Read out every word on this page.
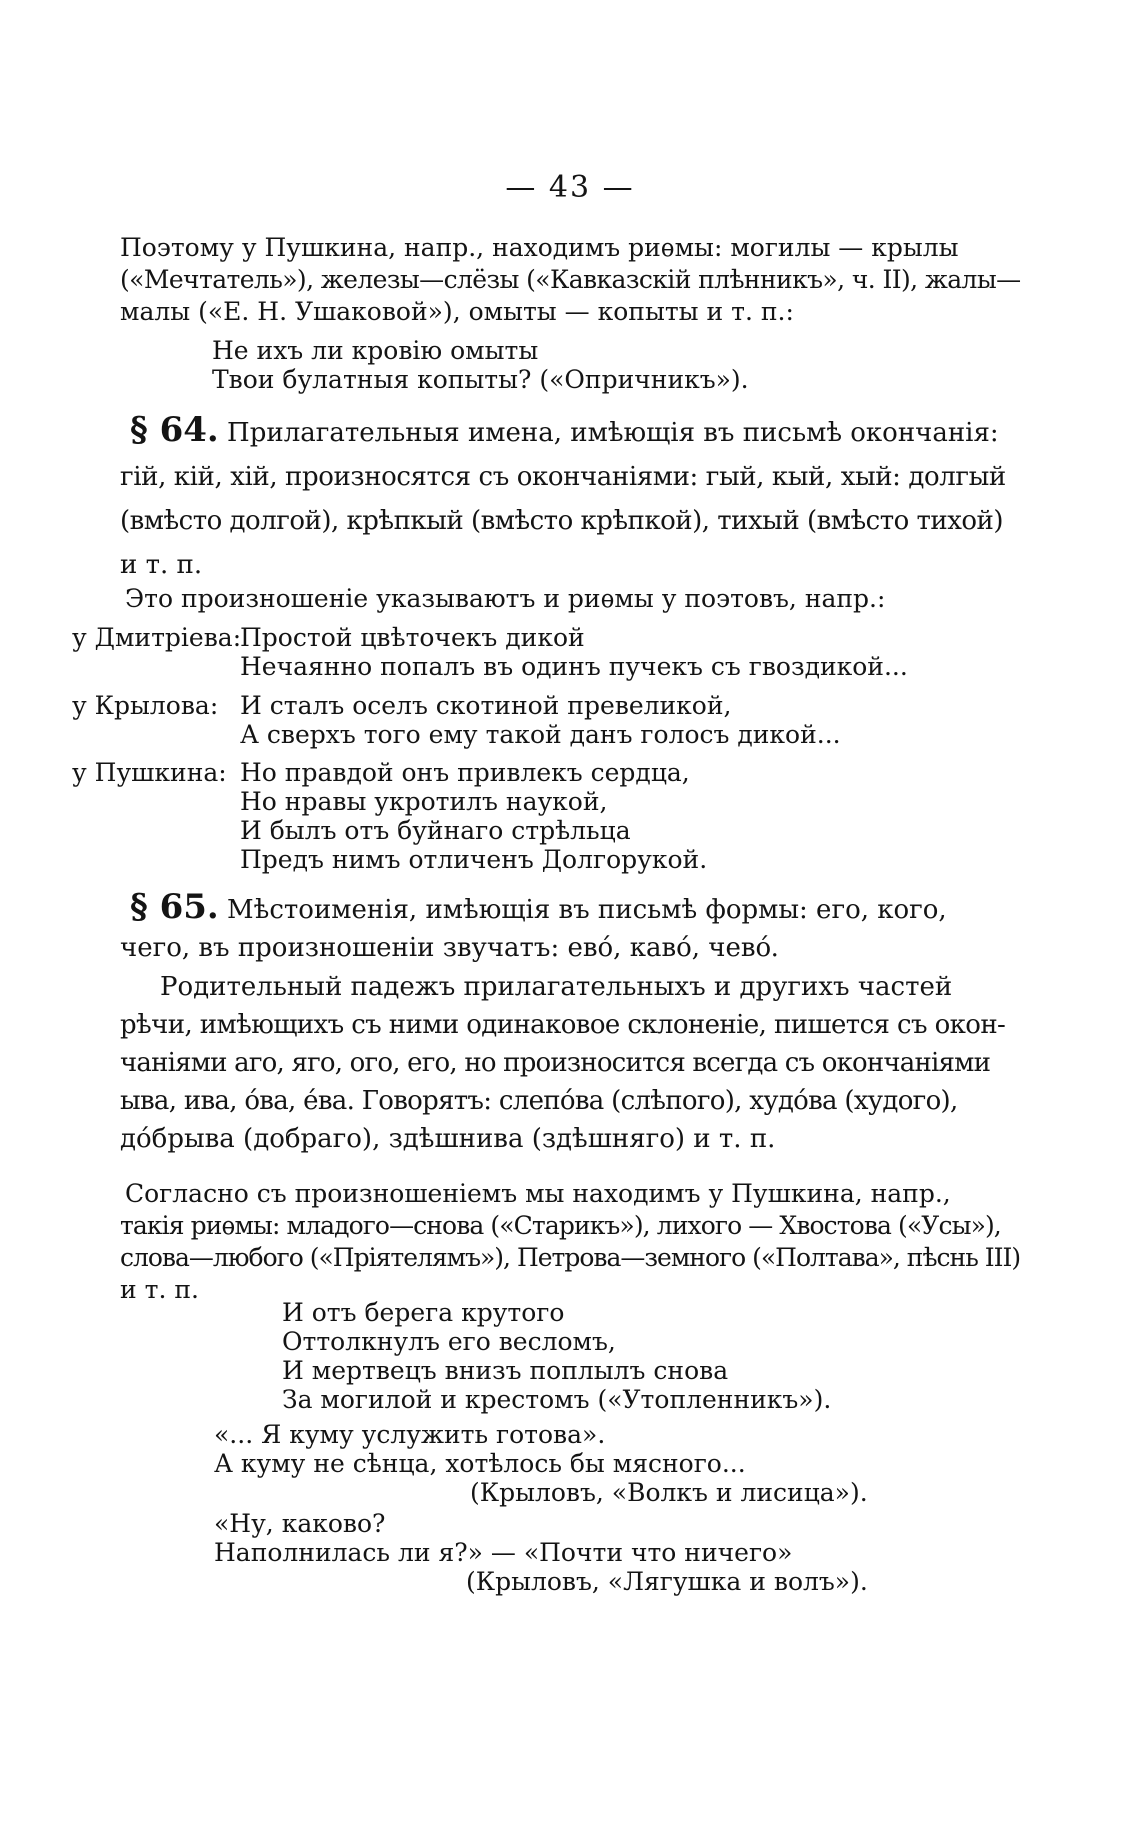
— 43 —
Поэтому у Пушкина, напр., находимъ риѳмы: могилы — крылы
(«Мечтатель»), железы—слёзы («Кавказскій плѣнникъ», ч. II), жалы—
малы («Е. Н. Ушаковой»), омыты — копыты и т. п.:
Не ихъ ли кровію омыты
Твои булатныя копыты? («Опричникъ»).
§ 64. Прилагательныя имена, имѣющія въ письмѣ окончанія:
гій, кій, хій, произносятся съ окончаніями: гый, кый, хый: долгый
(вмѣсто долгой), крѣпкый (вмѣсто крѣпкой), тихый (вмѣсто тихой)
и т. п.
Это произношеніе указываютъ и риѳмы у поэтовъ, напр.:
у Дмитріева:
Простой цвѣточекъ дикой
Нечаянно попалъ въ одинъ пучекъ съ гвоздикой...
у Крылова: И сталъ оселъ скотиной превеликой,
А сверхъ того ему такой данъ голосъ дикой...
у Пушкина: Но правдой онъ привлекъ сердца,
Но нравы укротилъ наукой,
И былъ отъ буйнаго стрѣльца
Предъ нимъ отличенъ Долгорукой.
§ 65. Мѣстоименія, имѣющія въ письмѣ формы: его, кого,
чего, въ произношеніи звучатъ: евó, кавó, чевó.
Родительный падежъ прилагательныхъ и другихъ частей
рѣчи, имѣющихъ съ ними одинаковое склоненіе, пишется съ окон-
чаніями аго, яго, ого, его, но произносится всегда съ окончаніями
ыва, ива, óва, éва. Говорятъ: слепóва (слѣпого), худóва (худого),
дóбрыва (добраго), здѣшнива (здѣшняго) и т. п.
Согласно съ произношеніемъ мы находимъ у Пушкина, напр.,
такія риѳмы: младого—снова («Старикъ»), лихого — Хвостова («Усы»),
слова—любого («Пріятелямъ»), Петрова—земного («Полтава», пѣснь III)
и т. п.
И отъ берега крутого
Оттолкнулъ его весломъ,
И мертвецъ внизъ поплылъ снова
За могилой и крестомъ («Утопленникъ»).
«... Я куму услужить готова».
А куму не сѣнца, хотѣлось бы мясного...
(Крыловъ, «Волкъ и лисица»).
«Ну, каково?
Наполнилась ли я?» — «Почти что ничего»
(Крыловъ, «Лягушка и волъ»).
